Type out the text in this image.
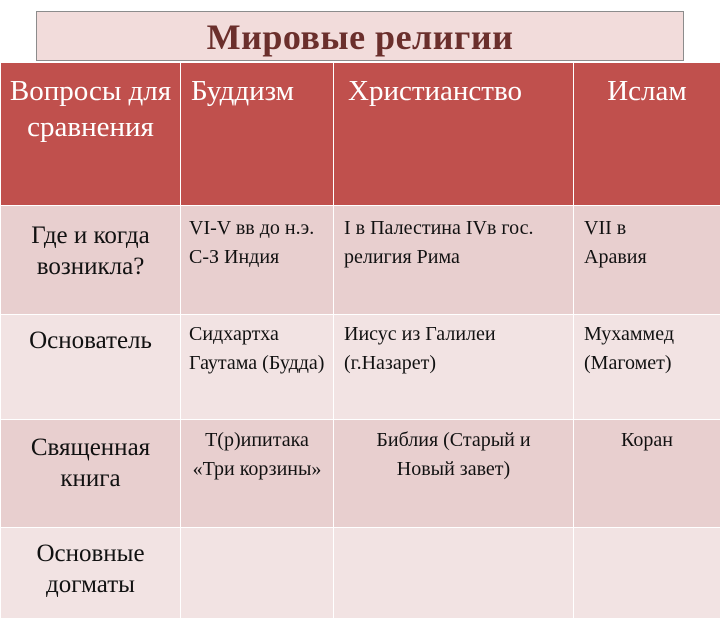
Мировые религии
Вопросы для сравнения	Буддизм	Христианство	Ислам
Где и когда возникла?	VI-V вв до н.э. С-З Индия	I в Палестина IVв гос. религия Рима	VII в Аравия
Основатель	Сидхартха Гаутама (Будда)	Иисус из Галилеи (г.Назарет)	Мухаммед (Магомет)
Священная книга	Т(р)ипитака «Три корзины»	Библия (Старый и Новый завет)	Коран
Основные догматы			
